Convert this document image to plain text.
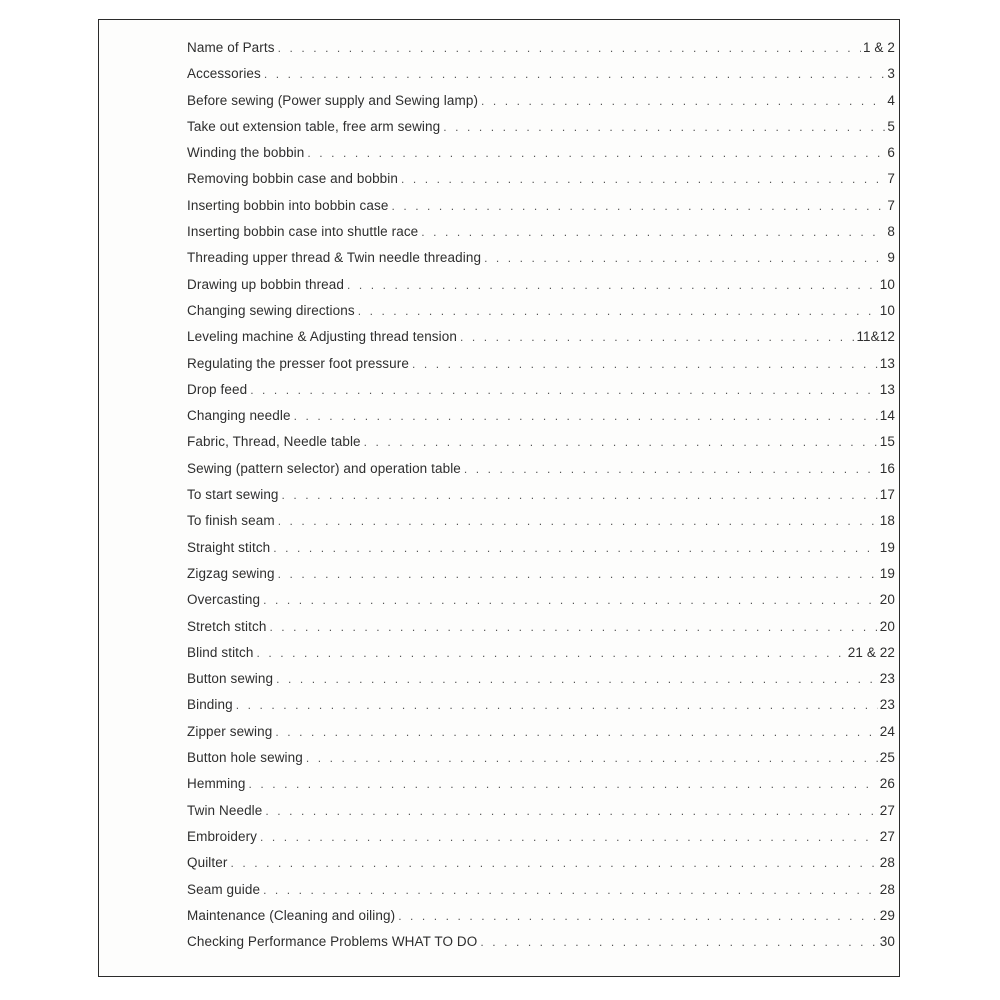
Name of Parts . . .	1 & 2
Accessories . . .	3
Before sewing (Power supply and Sewing lamp) . . .	4
Take out extension table, free arm sewing . . .	5
Winding the bobbin . . .	6
Removing bobbin case and bobbin . . .	7
Inserting bobbin into bobbin case . . .	7
Inserting bobbin case into shuttle race . . .	8
Threading upper thread & Twin needle threading . . .	9
Drawing up bobbin thread . . .	10
Changing sewing directions . . .	10
Leveling machine & Adjusting thread tension . . .	11&12
Regulating the presser foot pressure . . .	13
Drop feed . . .	13
Changing needle . . .	14
Fabric, Thread, Needle table . . .	15
Sewing (pattern selector) and operation table . . .	16
To start sewing . . .	17
To finish seam . . .	18
Straight stitch . . .	19
Zigzag sewing . . .	19
Overcasting . . .	20
Stretch stitch . . .	20
Blind stitch . . .	21 & 22
Button sewing . . .	23
Binding . . .	23
Zipper sewing . . .	24
Button hole sewing . . .	25
Hemming . . .	26
Twin Needle . . .	27
Embroidery . . .	27
Quilter . . .	28
Seam guide . . .	28
Maintenance (Cleaning and oiling) . . .	29
Checking Performance Problems WHAT TO DO . . .	30
